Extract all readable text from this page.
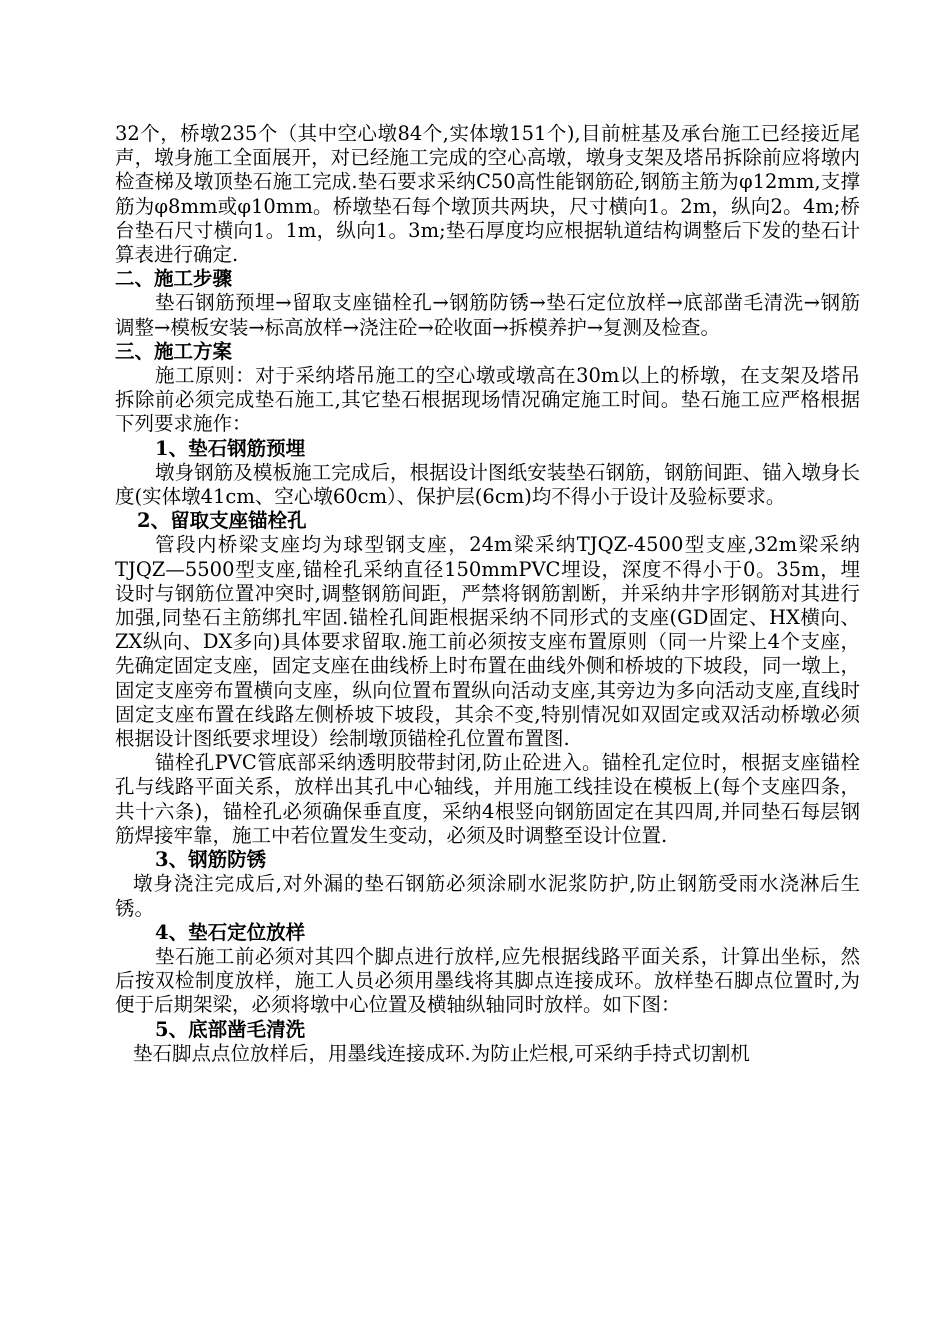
32个，桥墩235个（其中空心墩84个,实体墩151个),目前桩基及承台施工已经接近尾声，墩身施工全面展开，对已经施工完成的空心高墩，墩身支架及塔吊拆除前应将墩内检查梯及墩顶垫石施工完成.垫石要求采纳C50高性能钢筋砼,钢筋主筋为φ12mm,支撑筋为φ8mm或φ10mm。桥墩垫石每个墩顶共两块，尺寸横向1。2m，纵向2。4m;桥台垫石尺寸横向1。1m，纵向1。3m;垫石厚度均应根据轨道结构调整后下发的垫石计算表进行确定.

二、施工步骤

垫石钢筋预埋→留取支座锚栓孔→钢筋防锈→垫石定位放样→底部凿毛清洗→钢筋调整→模板安装→标高放样→浇注砼→砼收面→拆模养护→复测及检查。

三、施工方案

施工原则：对于采纳塔吊施工的空心墩或墩高在30m以上的桥墩，在支架及塔吊拆除前必须完成垫石施工,其它垫石根据现场情况确定施工时间。垫石施工应严格根据下列要求施作：

1、垫石钢筋预埋

墩身钢筋及模板施工完成后，根据设计图纸安装垫石钢筋，钢筋间距、锚入墩身长度(实体墩41cm、空心墩60cm）、保护层(6cm)均不得小于设计及验标要求。

2、留取支座锚栓孔

管段内桥梁支座均为球型钢支座，24m梁采纳TJQZ-4500型支座,32m梁采纳TJQZ—5500型支座,锚栓孔采纳直径150mmPVC埋设，深度不得小于0。35m，埋设时与钢筋位置冲突时,调整钢筋间距，严禁将钢筋割断，并采纳井字形钢筋对其进行加强,同垫石主筋绑扎牢固.锚栓孔间距根据采纳不同形式的支座(GD固定、HX横向、ZX纵向、DX多向)具体要求留取.施工前必须按支座布置原则（同一片梁上4个支座，先确定固定支座，固定支座在曲线桥上时布置在曲线外侧和桥坡的下坡段，同一墩上，固定支座旁布置横向支座，纵向位置布置纵向活动支座,其旁边为多向活动支座,直线时固定支座布置在线路左侧桥坡下坡段，其余不变,特别情况如双固定或双活动桥墩必须根据设计图纸要求埋设）绘制墩顶锚栓孔位置布置图.

锚栓孔PVC管底部采纳透明胶带封闭,防止砼进入。锚栓孔定位时，根据支座锚栓孔与线路平面关系，放样出其孔中心轴线，并用施工线挂设在模板上(每个支座四条，共十六条)，锚栓孔必须确保垂直度，采纳4根竖向钢筋固定在其四周,并同垫石每层钢筋焊接牢靠，施工中若位置发生变动，必须及时调整至设计位置.

3、钢筋防锈

墩身浇注完成后,对外漏的垫石钢筋必须涂刷水泥浆防护,防止钢筋受雨水浇淋后生锈。

4、垫石定位放样

垫石施工前必须对其四个脚点进行放样,应先根据线路平面关系，计算出坐标，然后按双检制度放样，施工人员必须用墨线将其脚点连接成环。放样垫石脚点位置时,为便于后期架梁，必须将墩中心位置及横轴纵轴同时放样。如下图：

5、底部凿毛清洗

垫石脚点点位放样后，用墨线连接成环.为防止烂根,可采纳手持式切割机
